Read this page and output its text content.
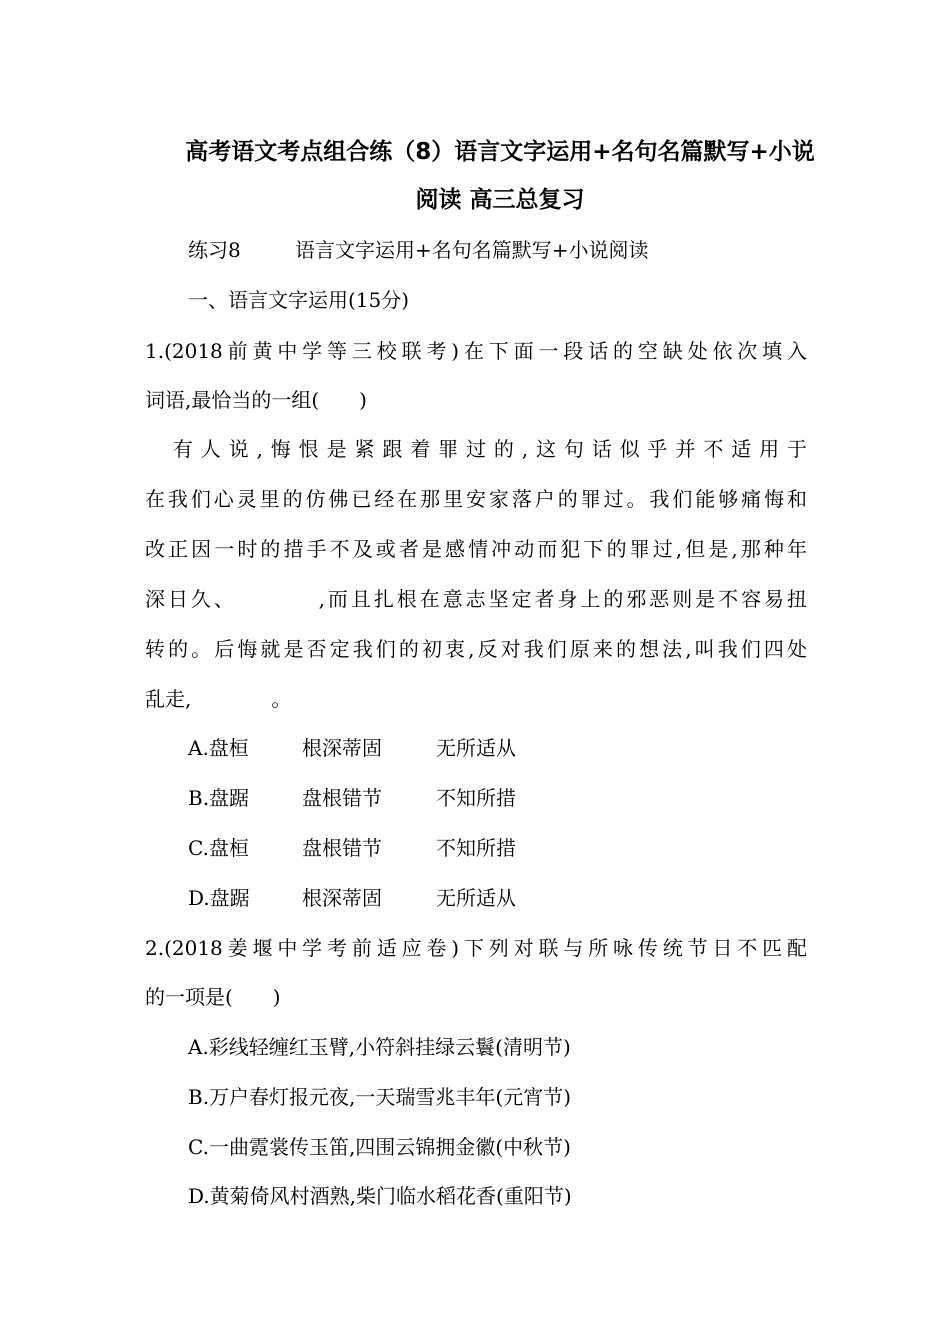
高考语文考点组合练（8）语言文字运用+名句名篇默写+小说
阅读 高三总复习
练习8	语言文字运用+名句名篇默写+小说阅读
一、语言文字运用(15分)
1.(2018前黄中学等三校联考)在下面一段话的空缺处依次填入
词语,最恰当的一组(　　)
　有人说,悔恨是紧跟着罪过的,这句话似乎并不适用于
在我们心灵里的仿佛已经在那里安家落户的罪过。我们能够痛悔和
改正因一时的措手不及或者是感情冲动而犯下的罪过,但是,那种年
深日久、　　　　,而且扎根在意志坚定者身上的邪恶则是不容易扭
转的。后悔就是否定我们的初衷,反对我们原来的想法,叫我们四处
乱走,　　　　。
A.盘桓	根深蒂固	无所适从
B.盘踞	盘根错节	不知所措
C.盘桓	盘根错节	不知所措
D.盘踞	根深蒂固	无所适从
2.(2018姜堰中学考前适应卷)下列对联与所咏传统节日不匹配
的一项是(　　)
A.彩线轻缠红玉臂,小符斜挂绿云鬟(清明节)
B.万户春灯报元夜,一天瑞雪兆丰年(元宵节)
C.一曲霓裳传玉笛,四围云锦拥金徽(中秋节)
D.黄菊倚风村酒熟,柴门临水稻花香(重阳节)
